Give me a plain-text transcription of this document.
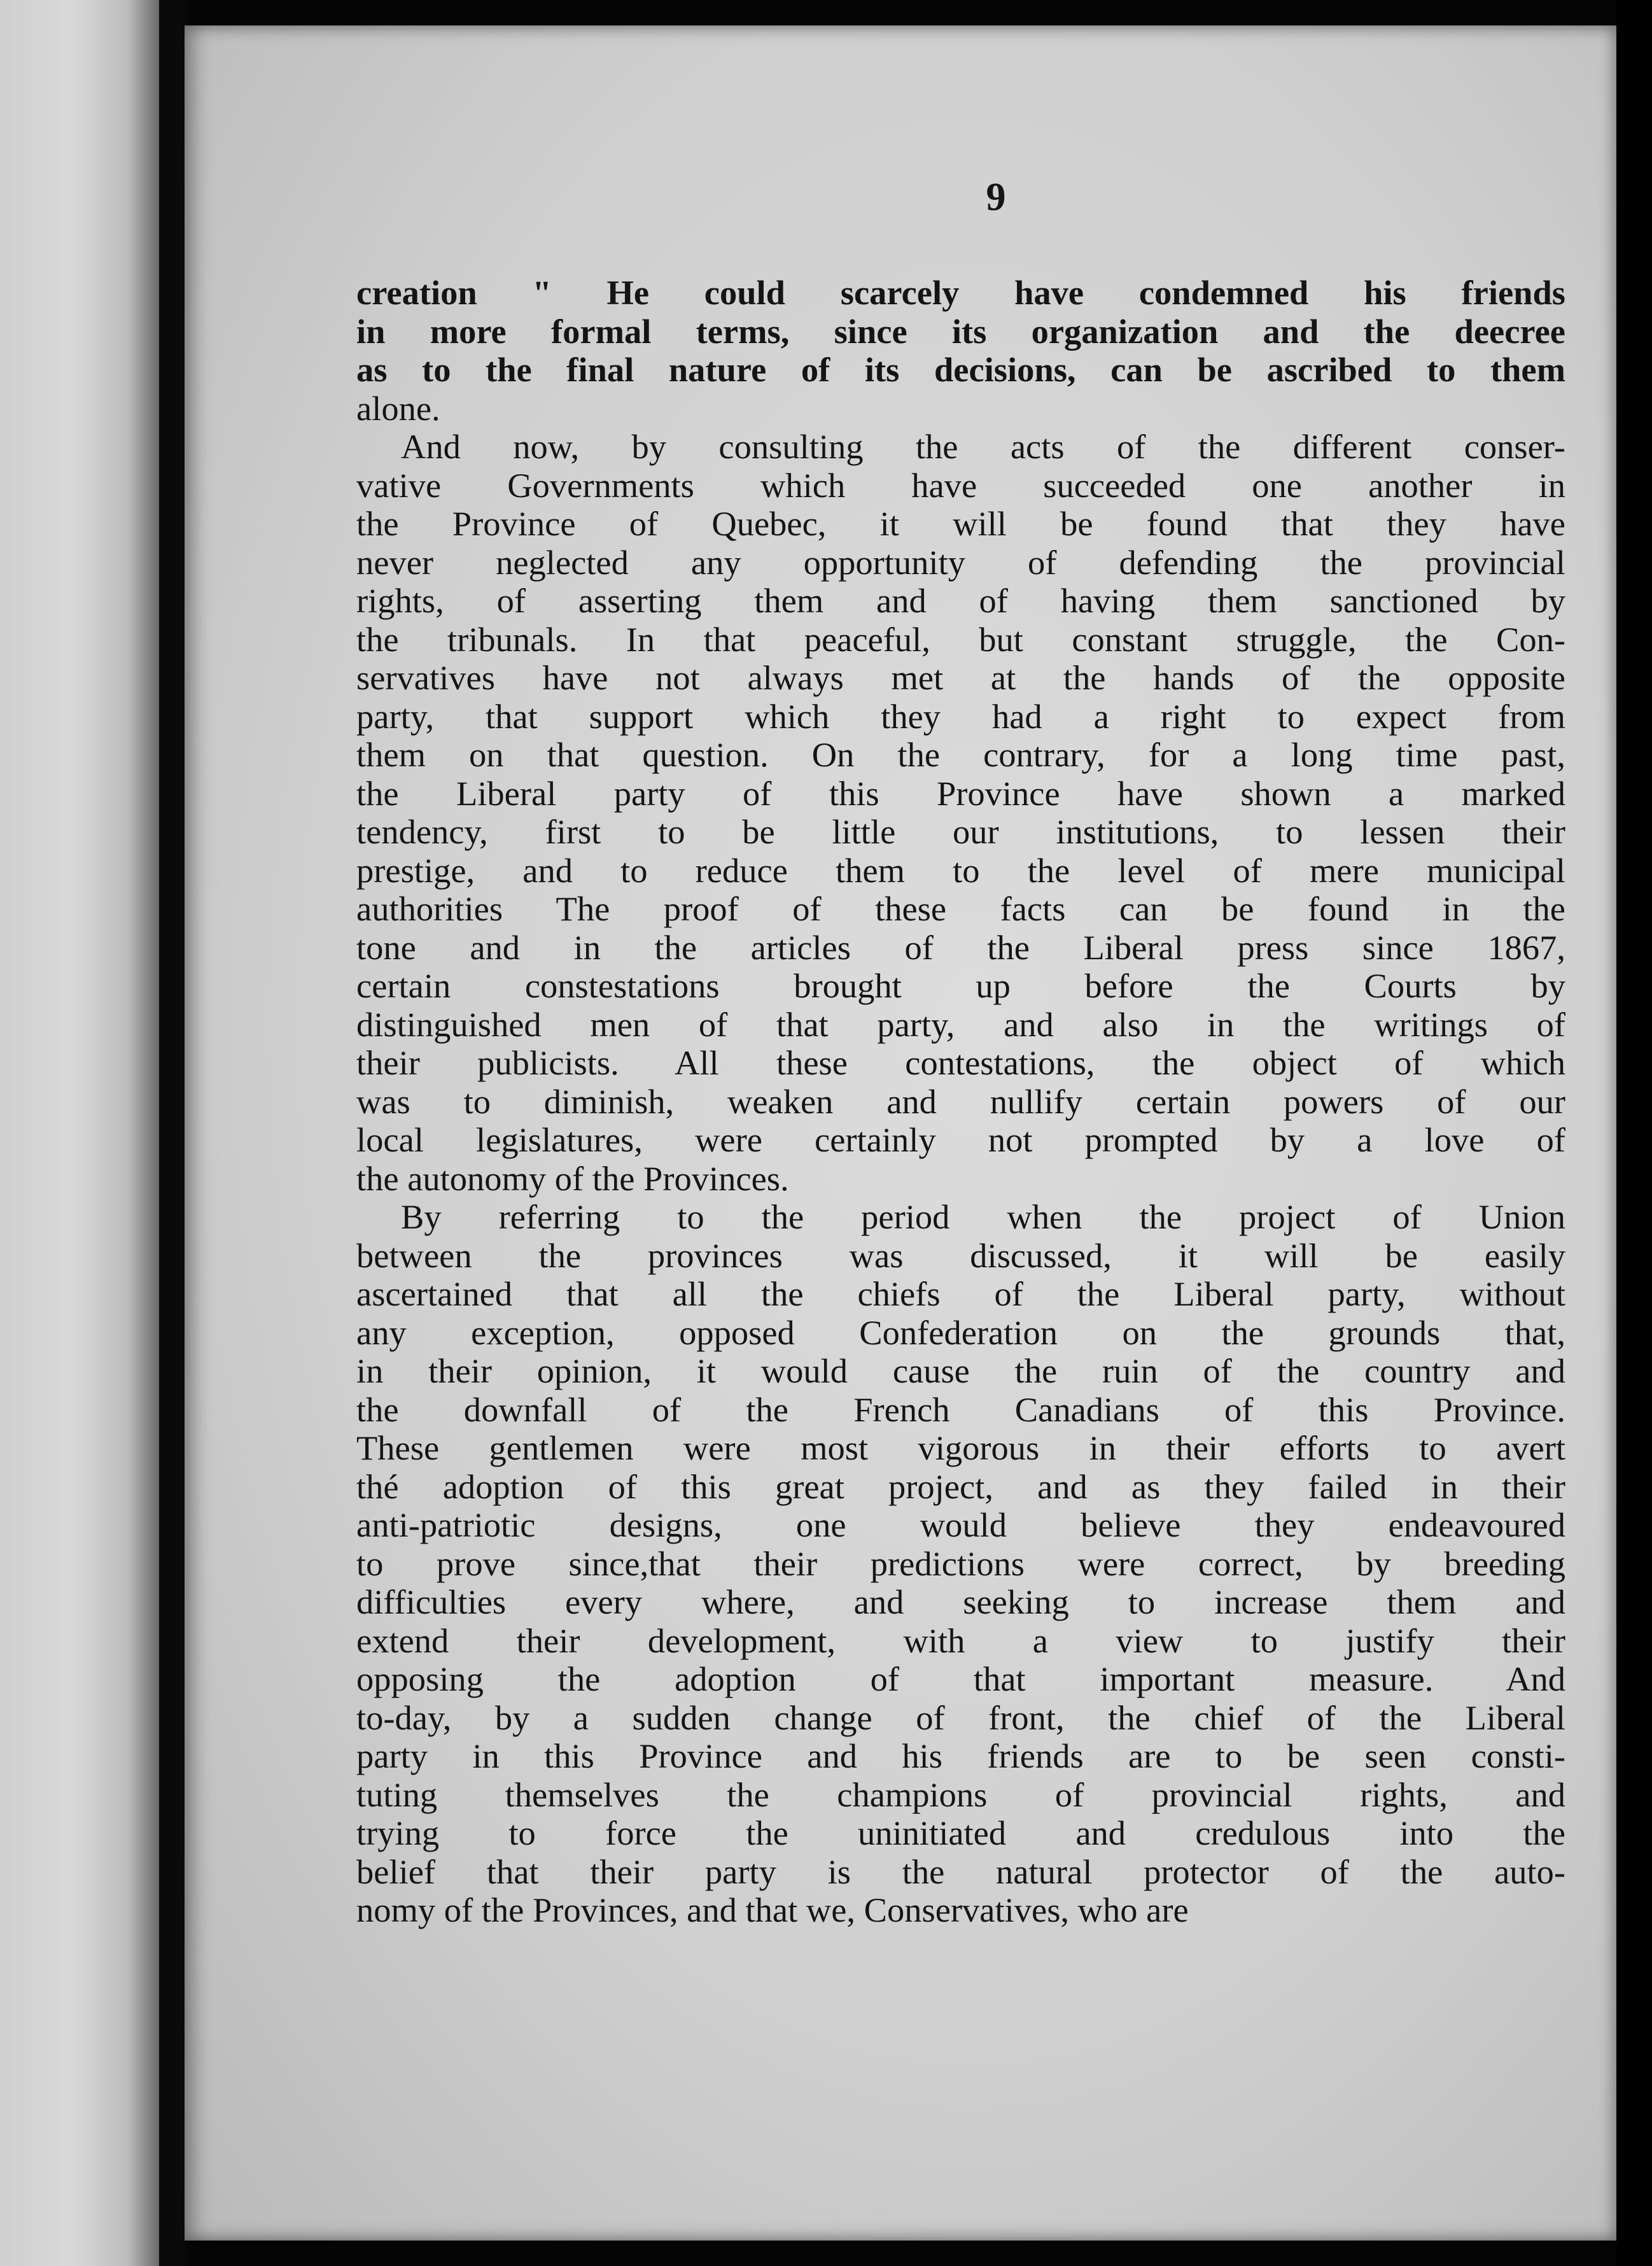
9
creation " He could scarcely have condemned his friends
in more formal terms, since its organization and the deecree
as to the final nature of its decisions, can be ascribed to them
alone.
And now, by consulting the acts of the different conser-
vative Governments which have succeeded one another in
the Province of Quebec, it will be found that they have
never neglected any opportunity of defending the provincial
rights, of asserting them and of having them sanctioned by
the tribunals. In that peaceful, but constant struggle, the Con-
servatives have not always met at the hands of the opposite
party, that support which they had a right to expect from
them on that question. On the contrary, for a long time past,
the Liberal party of this Province have shown a marked
tendency, first to be little our institutions, to lessen their
prestige, and to reduce them to the level of mere municipal
authorities The proof of these facts can be found in the
tone and in the articles of the Liberal press since 1867,
certain constestations brought up before the Courts by
distinguished men of that party, and also in the writings of
their publicists. All these contestations, the object of which
was to diminish, weaken and nullify certain powers of our
local legislatures, were certainly not prompted by a love of
the autonomy of the Provinces.
By referring to the period when the project of Union
between the provinces was discussed, it will be easily
ascertained that all the chiefs of the Liberal party, without
any exception, opposed Confederation on the grounds that,
in their opinion, it would cause the ruin of the country and
the downfall of the French Canadians of this Province.
These gentlemen were most vigorous in their efforts to avert
thé adoption of this great project, and as they failed in their
anti-patriotic designs, one would believe they endeavoured
to prove since,that their predictions were correct, by breeding
difficulties every where, and seeking to increase them and
extend their development, with a view to justify their
opposing the adoption of that important measure. And
to-day, by a sudden change of front, the chief of the Liberal
party in this Province and his friends are to be seen consti-
tuting themselves the champions of provincial rights, and
trying to force the uninitiated and credulous into the
belief that their party is the natural protector of the auto-
nomy of the Provinces, and that we, Conservatives, who are
